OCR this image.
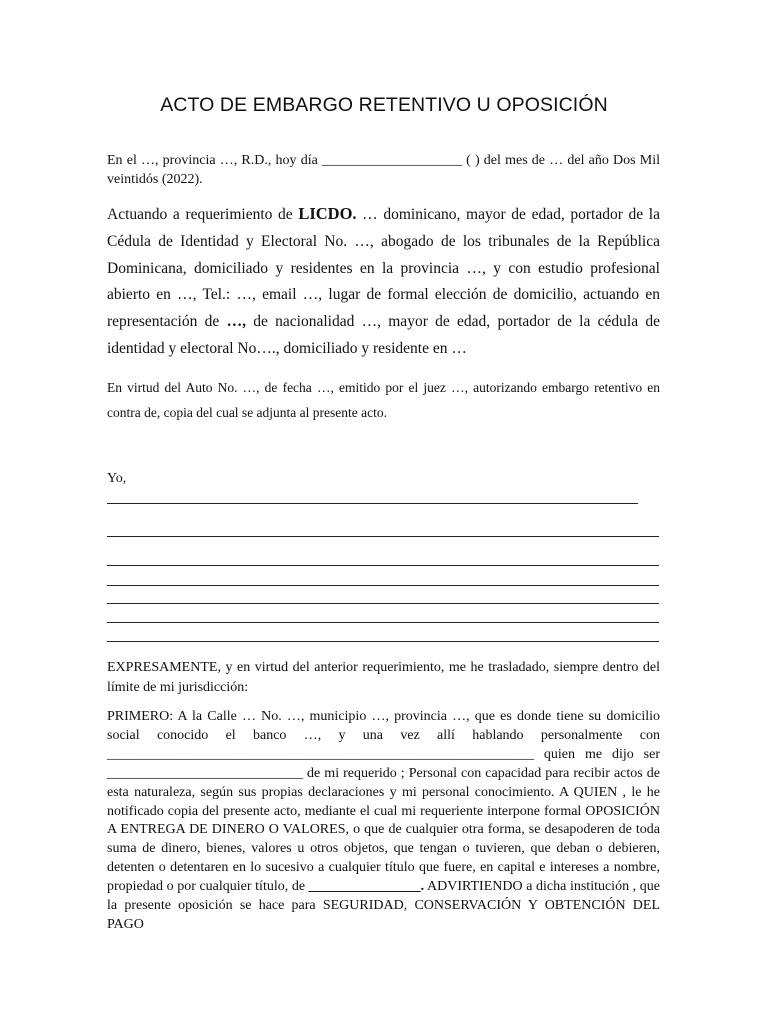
ACTO DE EMBARGO RETENTIVO U OPOSICIÓN
En el …, provincia …, R.D., hoy día ____________________ ( ) del mes de … del año Dos Mil veintidós (2022).
Actuando a requerimiento de LICDO. … dominicano, mayor de edad, portador de la Cédula de Identidad y Electoral No. …, abogado de los tribunales de la República Dominicana, domiciliado y residentes en la provincia …, y con estudio profesional abierto en …, Tel.: …, email …, lugar de formal elección de domicilio, actuando en representación de …, de nacionalidad …, mayor de edad, portador de la cédula de identidad y electoral No…., domiciliado y residente en …
En virtud del Auto No. …, de fecha …, emitido por el juez …, autorizando embargo retentivo en contra de, copia del cual se adjunta al presente acto.
Yo,
EXPRESAMENTE, y en virtud del anterior requerimiento, me he trasladado, siempre dentro del límite de mi jurisdicción:
PRIMERO: A la Calle … No. …, municipio …, provincia …, que es donde tiene su domicilio social conocido el banco …, y una vez allí hablando personalmente con _____________________________________________________________ quien me dijo ser ____________________________ de mi requerido ; Personal con capacidad para recibir actos de esta naturaleza, según sus propias declaraciones y mi personal conocimiento. A QUIEN , le he notificado copia del presente acto, mediante el cual mi requeriente interpone formal OPOSICIÓN A ENTREGA DE DINERO O VALORES, o que de cualquier otra forma, se desapoderen de toda suma de dinero, bienes, valores u otros objetos, que tengan o tuvieren, que deban o debieren, detenten o detentaren en lo sucesivo a cualquier título que fuere, en capital e intereses a nombre, propiedad o por cualquier título, de ________________. ADVIRTIENDO a dicha institución , que la presente oposición se hace para SEGURIDAD, CONSERVACIÓN Y OBTENCIÓN DEL PAGO
